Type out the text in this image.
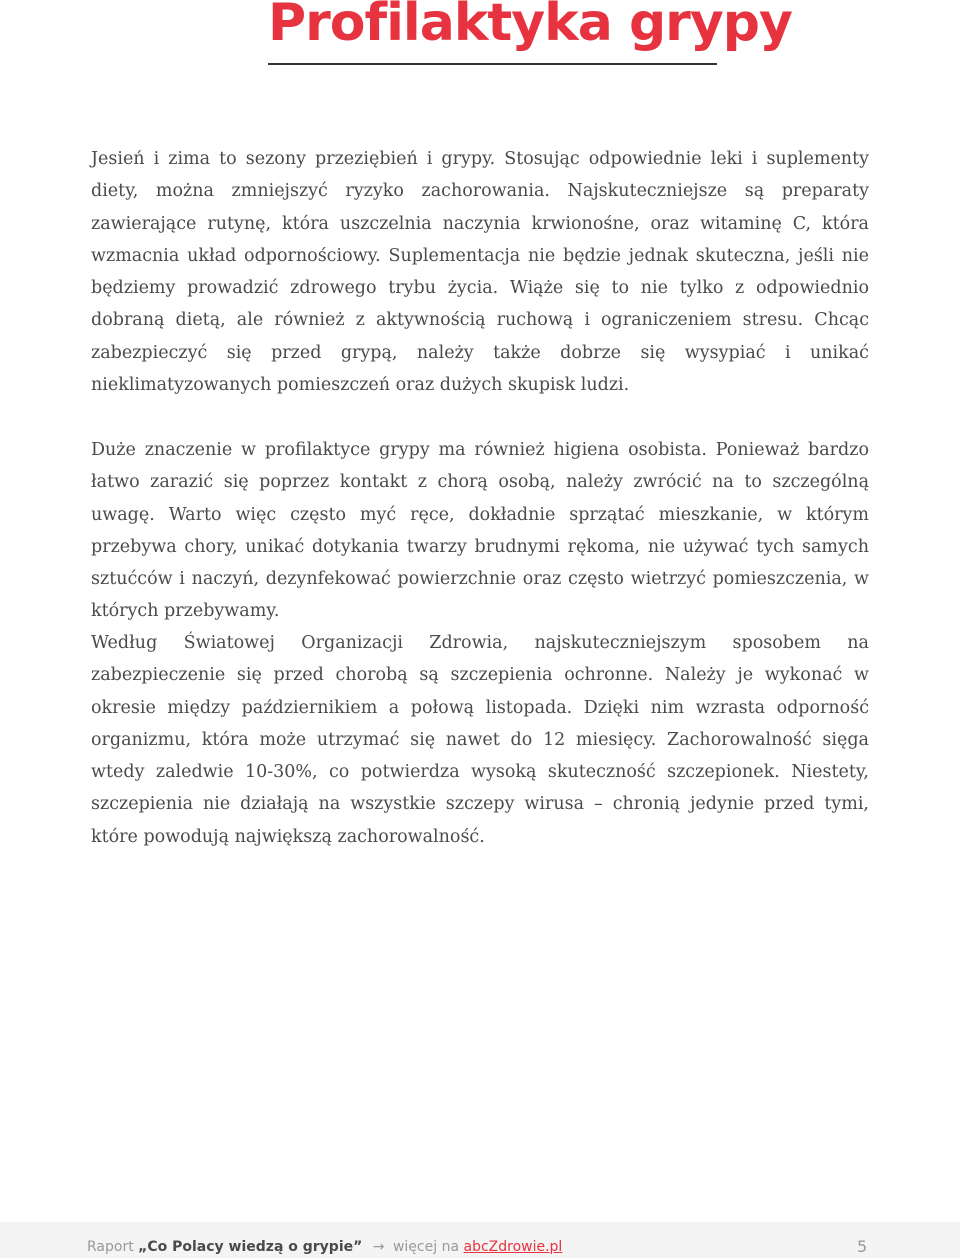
Profilaktyka grypy

Jesień i zima to sezony przeziębień i grypy. Stosując odpowiednie leki i suplementy diety, można zmniejszyć ryzyko zachorowania. Najskuteczniejsze są preparaty zawierające rutynę, która uszczelnia naczynia krwionośne, oraz witaminę C, która wzmacnia układ odpornościowy. Suplementacja nie będzie jednak skuteczna, jeśli nie będziemy prowadzić zdrowego trybu życia. Wiąże się to nie tylko z odpowiednio dobraną dietą, ale również z aktywnością ruchową i ograniczeniem stresu. Chcąc zabezpieczyć się przed grypą, należy także dobrze się wysypiać i unikać nieklimatyzowanych pomieszczeń oraz dużych skupisk ludzi.

Duże znaczenie w profilaktyce grypy ma również higiena osobista. Ponieważ bardzo łatwo zarazić się poprzez kontakt z chorą osobą, należy zwrócić na to szczególną uwagę. Warto więc często myć ręce, dokładnie sprzątać mieszkanie, w którym przebywa chory, unikać dotykania twarzy brudnymi rękoma, nie używać tych samych sztućców i naczyń, dezynfekować powierzchnie oraz często wietrzyć pomieszczenia, w których przebywamy.

Według Światowej Organizacji Zdrowia, najskuteczniejszym sposobem na zabezpieczenie się przed chorobą są szczepienia ochronne. Należy je wykonać w okresie między październikiem a połową listopada. Dzięki nim wzrasta odporność organizmu, która może utrzymać się nawet do 12 miesięcy. Zachorowalność sięga wtedy zaledwie 10-30%, co potwierdza wysoką skuteczność szczepionek. Niestety, szczepienia nie działają na wszystkie szczepy wirusa – chronią jedynie przed tymi, które powodują największą zachorowalność.

Raport „Co Polacy wiedzą o grypie” → więcej na abcZdrowie.pl	5
